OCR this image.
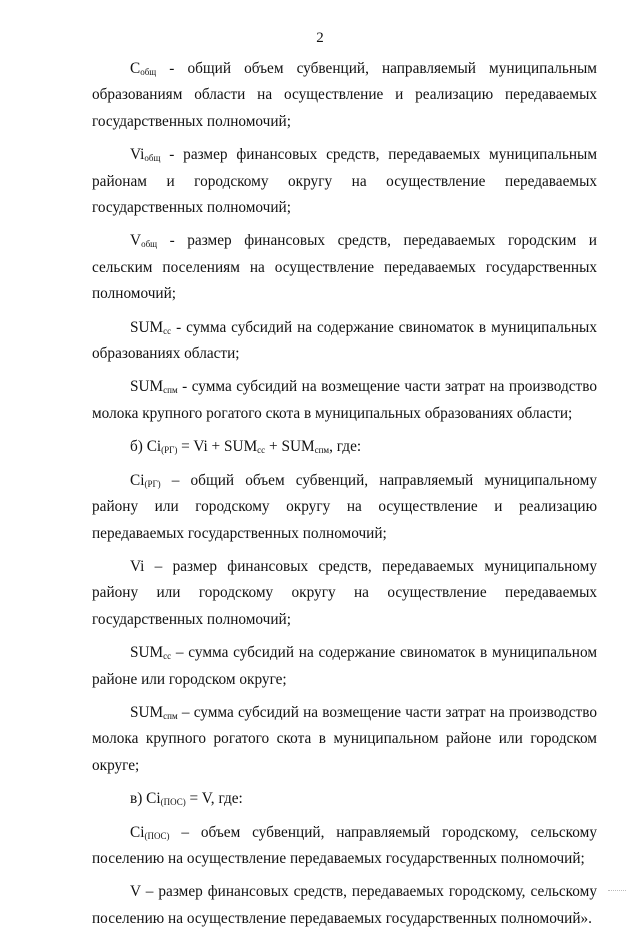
2

$С_{общ}$ - общий объем субвенций, направляемый муниципальным образованиям области на осуществление и реализацию передаваемых государственных полномочий;

$Vi_{общ}$ - размер финансовых средств, передаваемых муниципальным районам и городскому округу на осуществление передаваемых государственных полномочий;

$V_{общ}$ - размер финансовых средств, передаваемых городским и сельским поселениям на осуществление передаваемых государственных полномочий;

$SUM_{сс}$ - сумма субсидий на содержание свиноматок в муниципальных образованиях области;

$SUM_{спм}$ - сумма субсидий на возмещение части затрат на производство молока крупного рогатого скота в муниципальных образованиях области;

б) $Ci_{(РГ)} = Vi + SUM_{сс} + SUM_{спм}$, где:

$Ci_{(РГ)}$ – общий объем субвенций, направляемый муниципальному району или городскому округу на осуществление и реализацию передаваемых государственных полномочий;

Vi – размер финансовых средств, передаваемых муниципальному району или городскому округу на осуществление передаваемых государственных полномочий;

$SUM_{сс}$ – сумма субсидий на содержание свиноматок в муниципальном районе или городском округе;

$SUM_{спм}$ – сумма субсидий на возмещение части затрат на производство молока крупного рогатого скота в муниципальном районе или городском округе;

в) $Ci_{(ПОС)} = V$, где:

$Ci_{(ПОС)}$ – объем субвенций, направляемый городскому, сельскому поселению на осуществление передаваемых государственных полномочий;

V – размер финансовых средств, передаваемых городскому, сельскому поселению на осуществление передаваемых государственных полномочий».
